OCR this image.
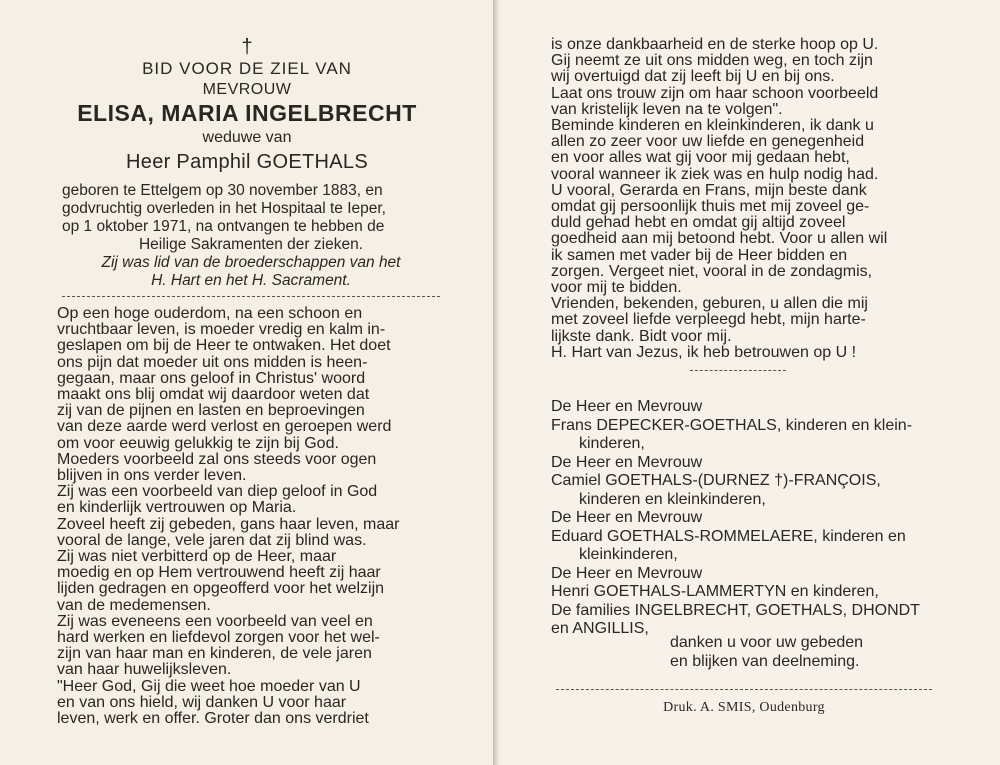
†
BID VOOR DE ZIEL VAN
MEVROUW
ELISA, MARIA INGELBRECHT
weduwe van
Heer Pamphil GOETHALS
geboren te Ettelgem op 30 november 1883, en
godvruchtig overleden in het Hospitaal te Ieper,
op 1 oktober 1971, na ontvangen te hebben de
Heilige Sakramenten der zieken.
Zij was lid van de broederschappen van het
H. Hart en het H. Sacrament.
Op een hoge ouderdom, na een schoon en
vruchtbaar leven, is moeder vredig en kalm in-
geslapen om bij de Heer te ontwaken. Het doet
ons pijn dat moeder uit ons midden is heen-
gegaan, maar ons geloof in Christus' woord
maakt ons blij omdat wij daardoor weten dat
zij van de pijnen en lasten en beproevingen
van deze aarde werd verlost en geroepen werd
om voor eeuwig gelukkig te zijn bij God.
Moeders voorbeeld zal ons steeds voor ogen
blijven in ons verder leven.
Zij was een voorbeeld van diep geloof in God
en kinderlijk vertrouwen op Maria.
Zoveel heeft zij gebeden, gans haar leven, maar
vooral de lange, vele jaren dat zij blind was.
Zij was niet verbitterd op de Heer, maar
moedig en op Hem vertrouwend heeft zij haar
lijden gedragen en opgeofferd voor het welzijn
van de medemensen.
Zij was eveneens een voorbeeld van veel en
hard werken en liefdevol zorgen voor het wel-
zijn van haar man en kinderen, de vele jaren
van haar huwelijksleven.
"Heer God, Gij die weet hoe moeder van U
en van ons hield, wij danken U voor haar
leven, werk en offer. Groter dan ons verdriet
is onze dankbaarheid en de sterke hoop op U.
Gij neemt ze uit ons midden weg, en toch zijn
wij overtuigd dat zij leeft bij U en bij ons.
Laat ons trouw zijn om haar schoon voorbeeld
van kristelijk leven na te volgen".
Beminde kinderen en kleinkinderen, ik dank u
allen zo zeer voor uw liefde en genegenheid
en voor alles wat gij voor mij gedaan hebt,
vooral wanneer ik ziek was en hulp nodig had.
U vooral, Gerarda en Frans, mijn beste dank
omdat gij persoonlijk thuis met mij zoveel ge-
duld gehad hebt en omdat gij altijd zoveel
goedheid aan mij betoond hebt. Voor u allen wil
ik samen met vader bij de Heer bidden en
zorgen. Vergeet niet, vooral in de zondagmis,
voor mij te bidden.
Vrienden, bekenden, geburen, u allen die mij
met zoveel liefde verpleegd hebt, mijn harte-
lijkste dank. Bidt voor mij.
H. Hart van Jezus, ik heb betrouwen op U !
De Heer en Mevrouw
Frans DEPECKER-GOETHALS, kinderen en klein-
kinderen,
De Heer en Mevrouw
Camiel GOETHALS-(DURNEZ †)-FRANÇOIS,
kinderen en kleinkinderen,
De Heer en Mevrouw
Eduard GOETHALS-ROMMELAERE, kinderen en
kleinkinderen,
De Heer en Mevrouw
Henri GOETHALS-LAMMERTYN en kinderen,
De families INGELBRECHT, GOETHALS, DHONDT
en ANGILLIS,
danken u voor uw gebeden
en blijken van deelneming.
Druk. A. SMIS, Oudenburg
